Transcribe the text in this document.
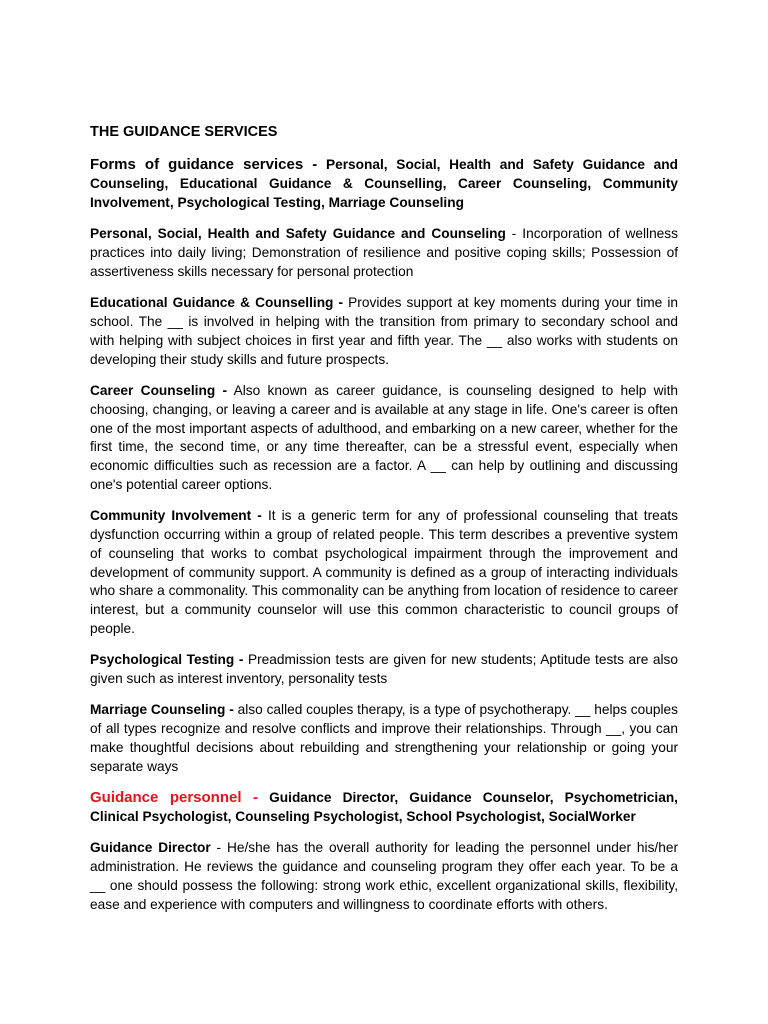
THE GUIDANCE SERVICES

Forms of guidance services - Personal, Social, Health and Safety Guidance and Counseling, Educational Guidance & Counselling, Career Counseling, Community Involvement, Psychological Testing, Marriage Counseling

Personal, Social, Health and Safety Guidance and Counseling - Incorporation of wellness practices into daily living; Demonstration of resilience and positive coping skills; Possession of assertiveness skills necessary for personal protection

Educational Guidance & Counselling - Provides support at key moments during your time in school. The __ is involved in helping with the transition from primary to secondary school and with helping with subject choices in first year and fifth year. The __ also works with students on developing their study skills and future prospects.

Career Counseling - Also known as career guidance, is counseling designed to help with choosing, changing, or leaving a career and is available at any stage in life. One's career is often one of the most important aspects of adulthood, and embarking on a new career, whether for the first time, the second time, or any time thereafter, can be a stressful event, especially when economic difficulties such as recession are a factor. A __ can help by outlining and discussing one's potential career options.

Community Involvement - It is a generic term for any of professional counseling that treats dysfunction occurring within a group of related people. This term describes a preventive system of counseling that works to combat psychological impairment through the improvement and development of community support. A community is defined as a group of interacting individuals who share a commonality. This commonality can be anything from location of residence to career interest, but a community counselor will use this common characteristic to council groups of people.

Psychological Testing - Preadmission tests are given for new students; Aptitude tests are also given such as interest inventory, personality tests

Marriage Counseling - also called couples therapy, is a type of psychotherapy. __ helps couples of all types recognize and resolve conflicts and improve their relationships. Through __, you can make thoughtful decisions about rebuilding and strengthening your relationship or going your separate ways

Guidance personnel - Guidance Director, Guidance Counselor, Psychometrician, Clinical Psychologist, Counseling Psychologist, School Psychologist, SocialWorker

Guidance Director - He/she has the overall authority for leading the personnel under his/her administration. He reviews the guidance and counseling program they offer each year. To be a __ one should possess the following: strong work ethic, excellent organizational skills, flexibility, ease and experience with computers and willingness to coordinate efforts with others.
